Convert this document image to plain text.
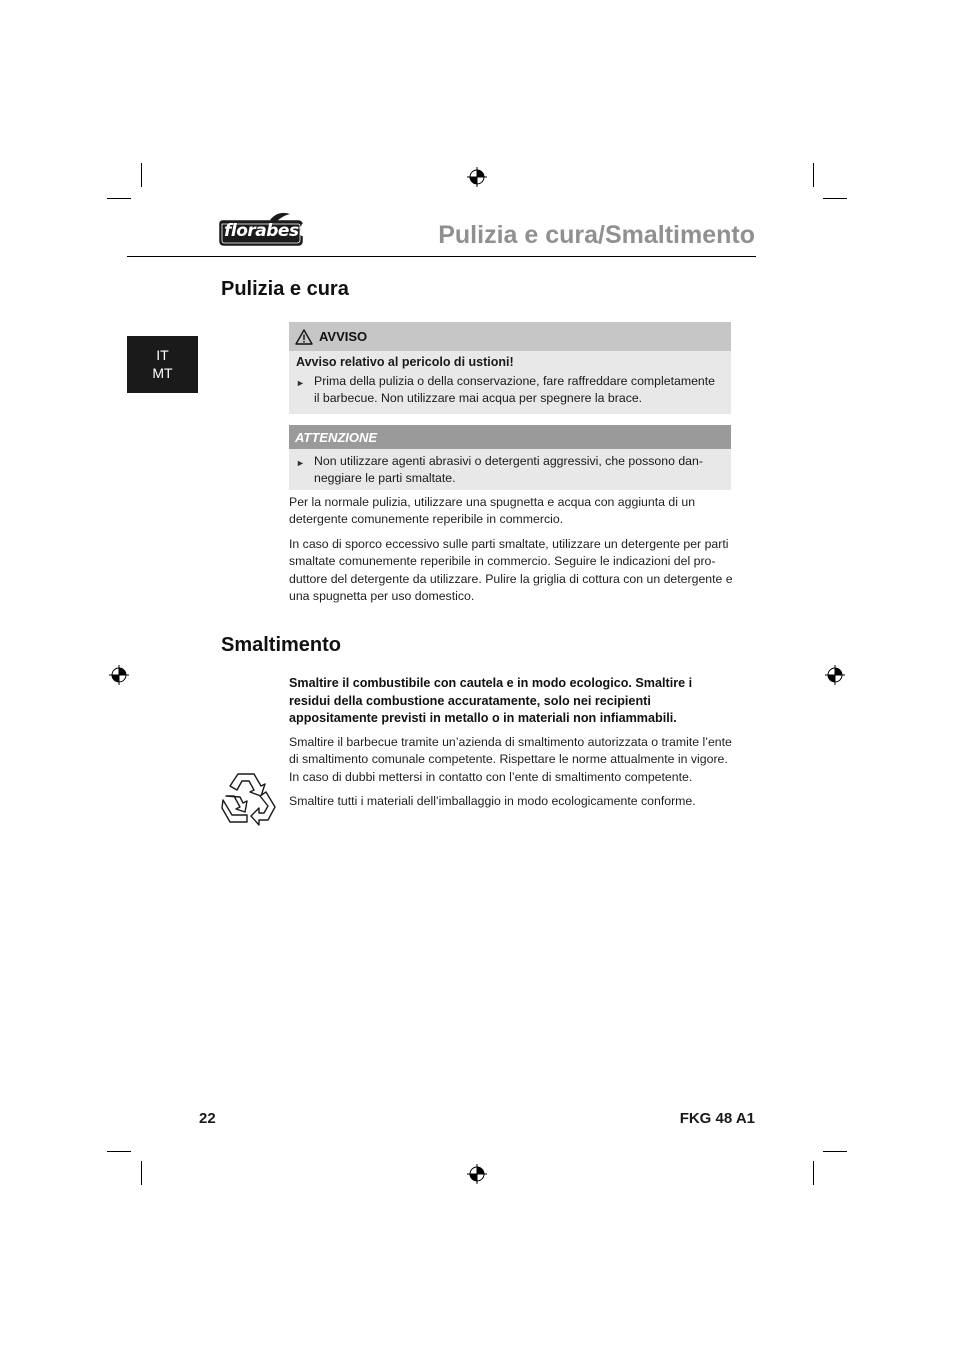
florabest	Pulizia e cura/Smaltimento
IT
MT
Pulizia e cura
AVVISO
Avviso relativo al pericolo di ustioni!
► Prima della pulizia o della conservazione, fare raffreddare completamente il barbecue. Non utilizzare mai acqua per spegnere la brace.
ATTENZIONE
► Non utilizzare agenti abrasivi o detergenti aggressivi, che possono dan-neggiare le parti smaltate.

Per la normale pulizia, utilizzare una spugnetta e acqua con aggiunta di un detergente comunemente reperibile in commercio.

In caso di sporco eccessivo sulle parti smaltate, utilizzare un detergente per parti smaltate comunemente reperibile in commercio. Seguire le indicazioni del pro-duttore del detergente da utilizzare. Pulire la griglia di cottura con un detergente e una spugnetta per uso domestico.

Smaltimento

Smaltire il combustibile con cautela e in modo ecologico. Smaltire i residui della combustione accuratamente, solo nei recipienti appositamente previsti in metallo o in materiali non infiammabili.

Smaltire il barbecue tramite un’azienda di smaltimento autorizzata o tramite l’ente di smaltimento comunale competente. Rispettare le norme attualmente in vigore. In caso di dubbi mettersi in contatto con l’ente di smaltimento competente.

Smaltire tutti i materiali dell’imballaggio in modo ecologicamente conforme.

22	FKG 48 A1
